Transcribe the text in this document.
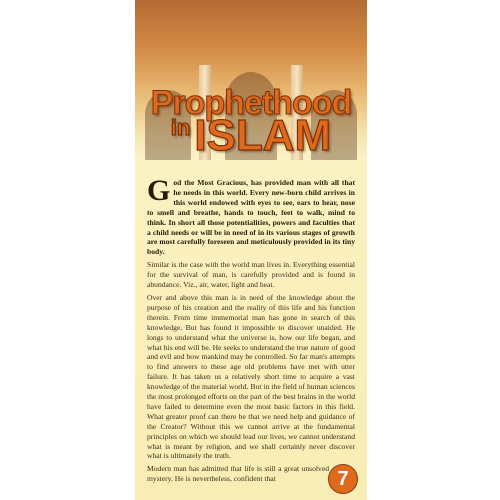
Prophethood
$^{in}$ISLAM

God the Most Gracious, has provided man with all that he needs in this world. Every new-born child arrives in this world endowed with eyes to see, ears to hear, nose to smell and breathe, hands to touch, feet to walk, mind to think. In short all those potentialities, powers and faculties that a child needs or will be in need of in its various stages of growth are most carefully foreseen and meticulously provided in its tiny body.

Similar is the case with the world man lives in. Everything essential for the survival of man, is carefully provided and is found in abundance. Viz., air, water, light and heat.

Over and above this man is in need of the knowledge about the purpose of his creation and the reality of this life and his function therein. From time immemorial man has gone in search of this knowledge. But has found it impossible to discover unaided. He longs to understand what the universe is, how our life began, and what his end will be. He seeks to understand the true nature of good and evil and how mankind may be controlled. So far man's attempts to find answers to these age old problems have met with utter failure. It has taken us a relatively short time to acquire a vast knowledge of the material world. But in the field of human sciences the most prolonged efforts on the part of the best brains in the world have failed to determine even the most basic factors in this field. What greater proof can there be that we need help and guidance of the Creator? Without this we cannot arrive at the fundamental principles on which we should lead our lives, we cannot understand what is meant by religion, and we shall certainly never discover what is ultimately the truth.

Modern man has admitted that life is still a great unsolved mystery. He is nevertheless, confident that	7
